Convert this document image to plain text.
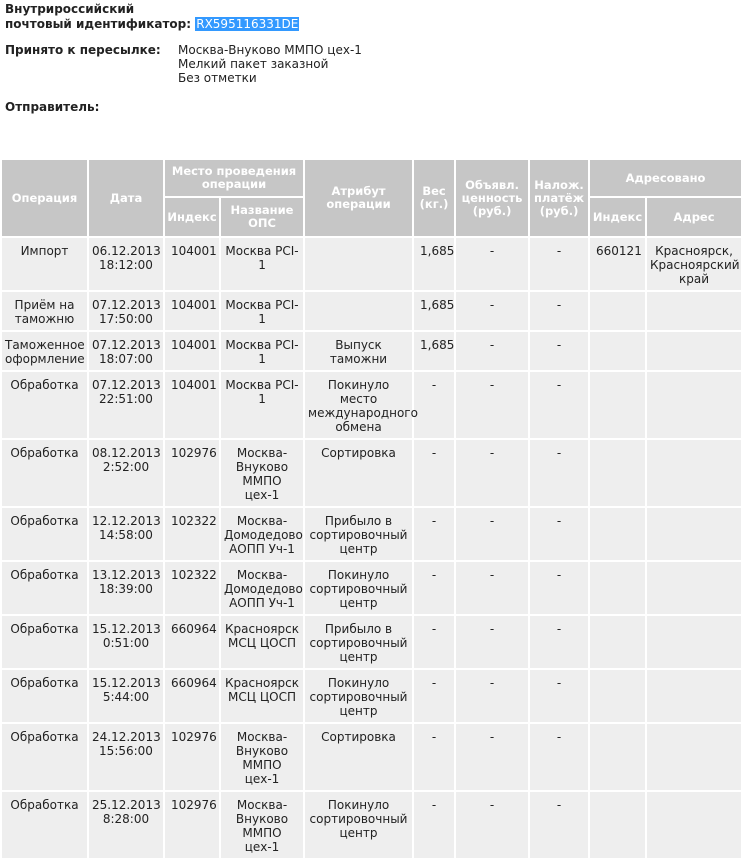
Внутрироссийский
почтовый идентификатор: RX595116331DE
Принято к пересылке: Москва-Внуково ММПО цех-1
Мелкий пакет заказной
Без отметки
Отправитель:
Операция	Дата	Место проведения операции		Атрибут операции	Вес (кг.)	Объявл. ценность (руб.)	Налож. платёж (руб.)	Адресовано	
		Индекс	Название ОПС					Индекс	Адрес
Импорт	06.12.2013 18:12:00	104001	Москва PCI-1		1,685	-	-	660121	Красноярск, Красноярский край
Приём на таможню	07.12.2013 17:50:00	104001	Москва PCI-1		1,685	-	-		
Таможенное оформление	07.12.2013 18:07:00	104001	Москва PCI-1	Выпуск таможни	1,685	-	-		
Обработка	07.12.2013 22:51:00	104001	Москва PCI-1	Покинуло место международного обмена	-	-	-		
Обработка	08.12.2013 2:52:00	102976	Москва-Внуково ММПО цех-1	Сортировка	-	-	-		
Обработка	12.12.2013 14:58:00	102322	Москва-Домодедово АОПП Уч-1	Прибыло в сортировочный центр	-	-	-		
Обработка	13.12.2013 18:39:00	102322	Москва-Домодедово АОПП Уч-1	Покинуло сортировочный центр	-	-	-		
Обработка	15.12.2013 0:51:00	660964	Красноярск МСЦ ЦОСП	Прибыло в сортировочный центр	-	-	-		
Обработка	15.12.2013 5:44:00	660964	Красноярск МСЦ ЦОСП	Покинуло сортировочный центр	-	-	-		
Обработка	24.12.2013 15:56:00	102976	Москва-Внуково ММПО цех-1	Сортировка	-	-	-		
Обработка	25.12.2013 8:28:00	102976	Москва-Внуково ММПО цех-1	Покинуло сортировочный центр	-	-	-		
